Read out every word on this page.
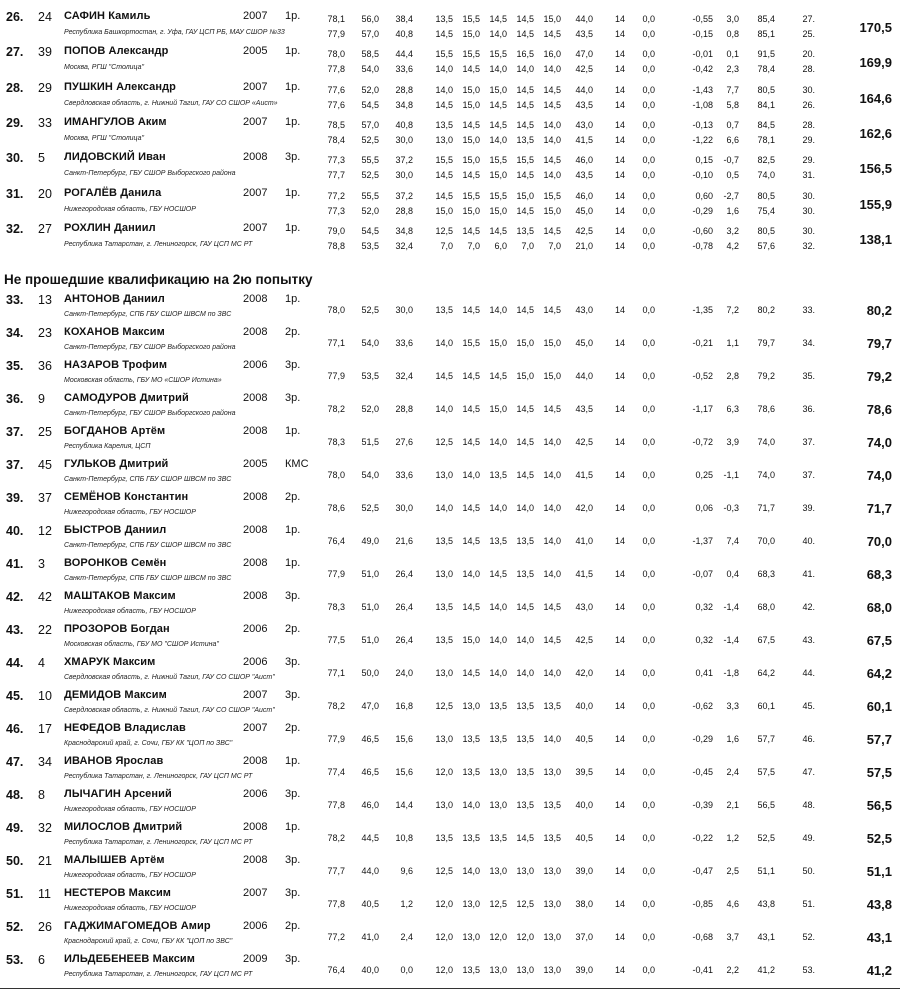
26. 24 САФИН Камиль	2007 1р.
Республика Башкортостан, г. Уфа, ГАУ ЦСП РБ, МАУ СШОР №33
78,1	56,0	38,4	13,5	15,5	14,5	14,5	15,0	44,0	14	0,0	-0,55	3,0	85,4	27.
77,9	57,0	40,8	14,5	15,0	14,0	14,5	14,5	43,5	14	0,0	-0,15	0,8	85,1	25.	170,5
27. 39 ПОПОВ Александр	2005 1р.
Москва, РГШ "Столица"
78,0	58,5	44,4	15,5	15,5	15,5	16,5	16,0	47,0	14	0,0	-0,01	0,1	91,5	20.
77,8	54,0	33,6	14,0	14,5	14,0	14,0	14,0	42,5	14	0,0	-0,42	2,3	78,4	28.	169,9
28. 29 ПУШКИН Александр	2007 1р.
Свердловская область, г. Нижний Тагил, ГАУ СО СШОР «Аист»
77,6	52,0	28,8	14,0	15,0	15,0	14,5	14,5	44,0	14	0,0	-1,43	7,7	80,5	30.
77,6	54,5	34,8	14,5	15,0	14,5	14,5	14,5	43,5	14	0,0	-1,08	5,8	84,1	26.	164,6
29. 33 ИМАНГУЛОВ Аким	2007 1р.
Москва, РГШ "Столица"
78,5	57,0	40,8	13,5	14,5	14,5	14,5	14,0	43,0	14	0,0	-0,13	0,7	84,5	28.
78,4	52,5	30,0	13,0	15,0	14,0	13,5	14,0	41,5	14	0,0	-1,22	6,6	78,1	29.	162,6
30. 5 ЛИДОВСКИЙ Иван	2008 3р.
Санкт-Петербург, ГБУ СШОР Выборгского района
77,3	55,5	37,2	15,5	15,0	15,5	15,5	14,5	46,0	14	0,0	0,15	-0,7	82,5	29.
77,7	52,5	30,0	14,5	14,5	15,0	14,5	14,0	43,5	14	0,0	-0,10	0,5	74,0	31.	156,5
31. 20 РОГАЛЁВ Данила	2007 1р.
Нижегородская область, ГБУ НОСШОР
77,2	55,5	37,2	14,5	15,5	15,5	15,0	15,5	46,0	14	0,0	0,60	-2,7	80,5	30.
77,3	52,0	28,8	15,0	15,0	15,0	14,5	15,0	45,0	14	0,0	-0,29	1,6	75,4	30.	155,9
32. 27 РОХЛИН Даниил	2007 1р.
Республика Татарстан, г. Лениногорск, ГАУ ЦСП МС РТ
79,0	54,5	34,8	12,5	14,5	14,5	13,5	14,5	42,5	14	0,0	-0,60	3,2	80,5	30.
78,8	53,5	32,4	7,0	7,0	6,0	7,0	7,0	21,0	14	0,0	-0,78	4,2	57,6	32.	138,1
33. 13 АНТОНОВ Даниил	2008 1р.
Санкт-Петербург, СПБ ГБУ СШОР ШВСМ по ЗВС	78,0	52,5	30,0	13,5	14,5	14,0	14,5	14,5	43,0	14	0,0	-1,35	7,2	80,2	33.	80,2
34. 23 КОХАНОВ Максим	2008 2р.
Санкт-Петербург, ГБУ СШОР Выборгского района	77,1	54,0	33,6	14,0	15,5	15,0	15,0	15,0	45,0	14	0,0	-0,21	1,1	79,7	34.	79,7
35. 36 НАЗАРОВ Трофим	2006 3р.
Московская область, ГБУ МО «СШОР Истина»	77,9	53,5	32,4	14,5	14,5	14,5	15,0	15,0	44,0	14	0,0	-0,52	2,8	79,2	35.	79,2
36. 9 САМОДУРОВ Дмитрий	2008 3р.
Санкт-Петербург, ГБУ СШОР Выборгского района	78,2	52,0	28,8	14,0	14,5	15,0	14,5	14,5	43,5	14	0,0	-1,17	6,3	78,6	36.	78,6
37. 25 БОГДАНОВ Артём	2008 1р.
Республика Карелия, ЦСП	78,3	51,5	27,6	12,5	14,5	14,0	14,5	14,0	42,5	14	0,0	-0,72	3,9	74,0	37.	74,0
37. 45 ГУЛЬКОВ Дмитрий	2005 КМС
Санкт-Петербург, СПБ ГБУ СШОР ШВСМ по ЗВС	78,0	54,0	33,6	13,0	14,0	13,5	14,5	14,0	41,5	14	0,0	0,25	-1,1	74,0	37.	74,0
39. 37 СЕМЁНОВ Константин	2008 2р.
Нижегородская область, ГБУ НОСШОР	78,6	52,5	30,0	14,0	14,5	14,0	14,0	14,0	42,0	14	0,0	0,06	-0,3	71,7	39.	71,7
40. 12 БЫСТРОВ Даниил	2008 1р.
Санкт-Петербург, СПБ ГБУ СШОР ШВСМ по ЗВС	76,4	49,0	21,6	13,5	14,5	13,5	13,5	14,0	41,0	14	0,0	-1,37	7,4	70,0	40.	70,0
41. 3 ВОРОНКОВ Семён	2008 1р.
Санкт-Петербург, СПБ ГБУ СШОР ШВСМ по ЗВС	77,9	51,0	26,4	13,0	14,0	14,5	13,5	14,0	41,5	14	0,0	-0,07	0,4	68,3	41.	68,3
42. 42 МАШТАКОВ Максим	2008 3р.
Нижегородская область, ГБУ НОСШОР	78,3	51,0	26,4	13,5	14,5	14,0	14,5	14,5	43,0	14	0,0	0,32	-1,4	68,0	42.	68,0
43. 22 ПРОЗОРОВ Богдан	2006 2р.
Московская область, ГБУ МО "СШОР Истина"	77,5	51,0	26,4	13,5	15,0	14,0	14,0	14,5	42,5	14	0,0	0,32	-1,4	67,5	43.	67,5
44. 4 ХМАРУК Максим	2006 3р.
Свердловская область, г. Нижний Тагил, ГАУ СО СШОР "Аист"	77,1	50,0	24,0	13,0	14,5	14,0	14,0	14,0	42,0	14	0,0	0,41	-1,8	64,2	44.	64,2
45. 10 ДЕМИДОВ Максим	2007 3р.
Свердловская область, г. Нижний Тагил, ГАУ СО СШОР "Аист"	78,2	47,0	16,8	12,5	13,0	13,5	13,5	13,5	40,0	14	0,0	-0,62	3,3	60,1	45.	60,1
46. 17 НЕФЕДОВ Владислав	2007 2р.
Краснодарский край, г. Сочи, ГБУ КК "ЦОП по ЗВС"	77,9	46,5	15,6	13,0	13,5	13,5	13,5	14,0	40,5	14	0,0	-0,29	1,6	57,7	46.	57,7
47. 34 ИВАНОВ Ярослав	2008 1р.
Республика Татарстан, г. Лениногорск, ГАУ ЦСП МС РТ	77,4	46,5	15,6	12,0	13,5	13,0	13,5	13,0	39,5	14	0,0	-0,45	2,4	57,5	47.	57,5
48. 8 ЛЫЧАГИН Арсений	2006 3р.
Нижегородская область, ГБУ НОСШОР	77,8	46,0	14,4	13,0	14,0	13,0	13,5	13,5	40,0	14	0,0	-0,39	2,1	56,5	48.	56,5
49. 32 МИЛОСЛОВ Дмитрий	2008 1р.
Республика Татарстан, г. Лениногорск, ГАУ ЦСП МС РТ	78,2	44,5	10,8	13,5	13,5	13,5	14,5	13,5	40,5	14	0,0	-0,22	1,2	52,5	49.	52,5
50. 21 МАЛЫШЕВ Артём	2008 3р.
Нижегородская область, ГБУ НОСШОР	77,7	44,0	9,6	12,5	14,0	13,0	13,0	13,0	39,0	14	0,0	-0,47	2,5	51,1	50.	51,1
51. 11 НЕСТЕРОВ Максим	2007 3р.
Нижегородская область, ГБУ НОСШОР	77,8	40,5	1,2	12,0	13,0	12,5	12,5	13,0	38,0	14	0,0	-0,85	4,6	43,8	51.	43,8
52. 26 ГАДЖИМАГОМЕДОВ Амир	2006 2р.
Краснодарский край, г. Сочи, ГБУ КК "ЦОП по ЗВС"	77,2	41,0	2,4	12,0	13,0	12,0	12,0	13,0	37,0	14	0,0	-0,68	3,7	43,1	52.	43,1
53. 6 ИЛЬДЕБЕНЕЕВ Максим	2009 3р.
Республика Татарстан, г. Лениногорск, ГАУ ЦСП МС РТ	76,4	40,0	0,0	12,0	13,5	13,0	13,0	13,0	39,0	14	0,0	-0,41	2,2	41,2	53.	41,2
Не прошедшие квалификацию на 2ю попытку
